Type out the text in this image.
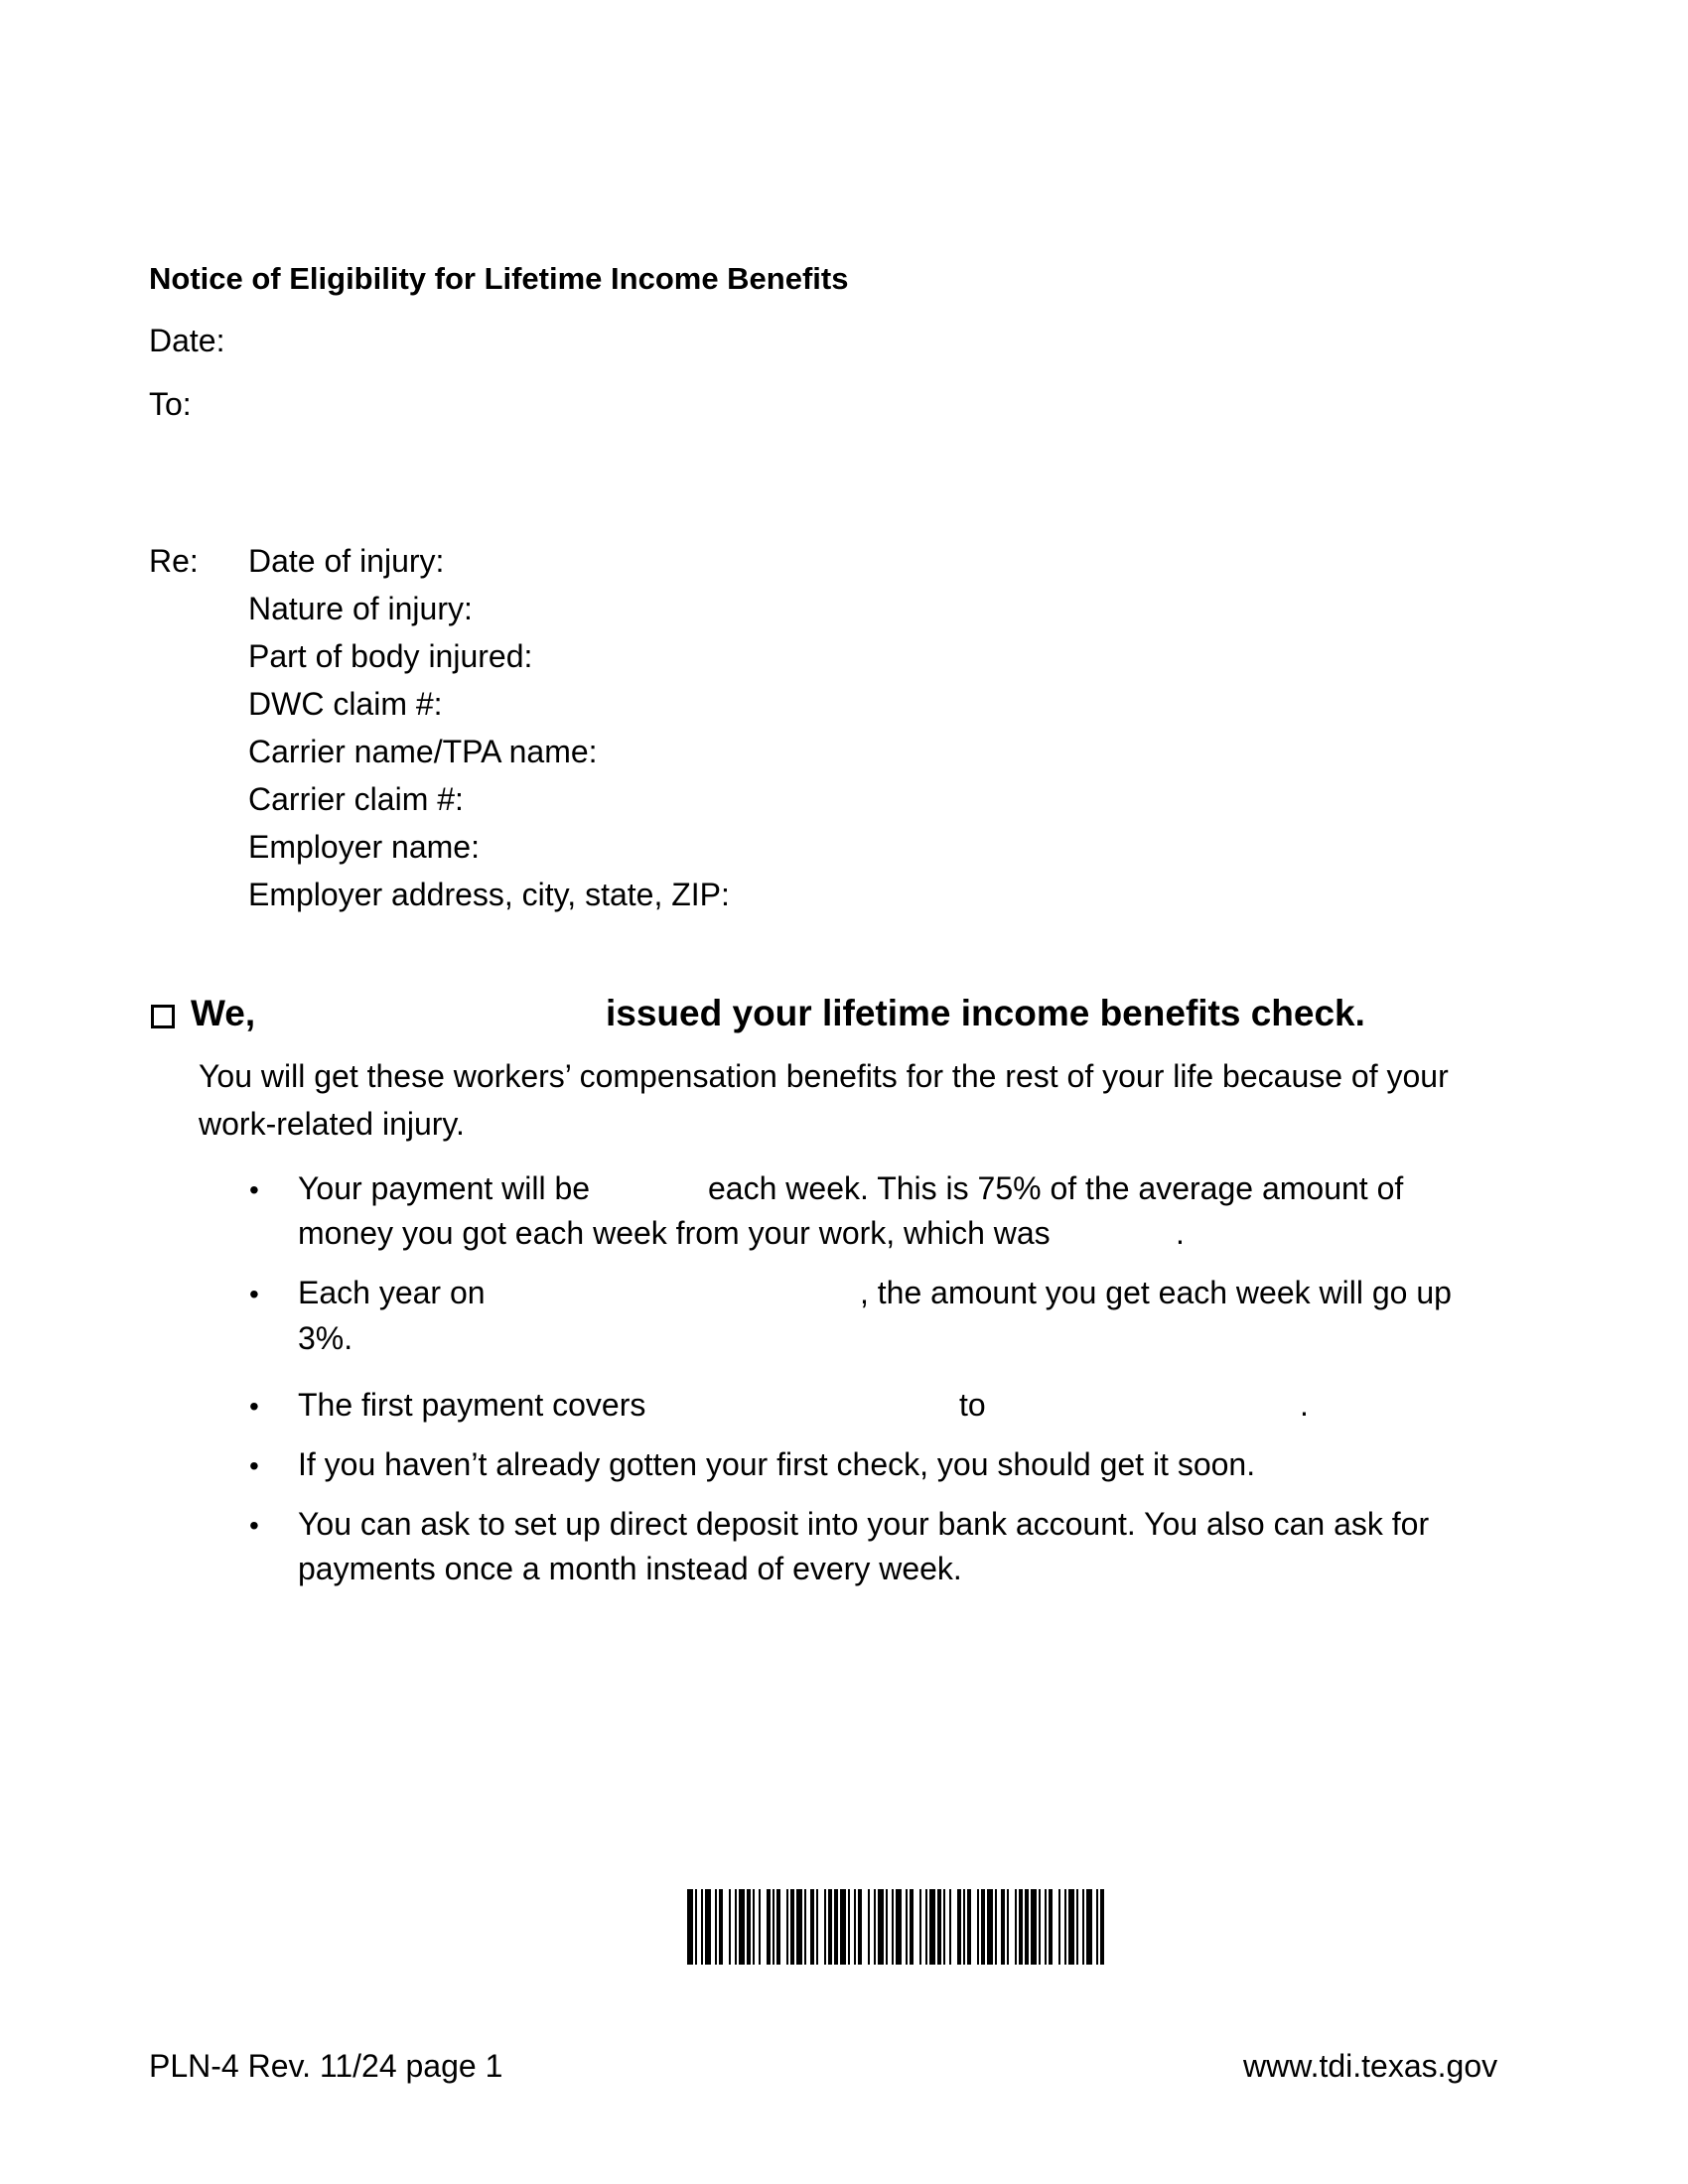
Notice of Eligibility for Lifetime Income Benefits
Date:
To:
Re: Date of injury:
Nature of injury:
Part of body injured:
DWC claim #:
Carrier name/TPA name:
Carrier claim #:
Employer name:
Employer address, city, state, ZIP:
We,	issued your lifetime income benefits check.
You will get these workers’ compensation benefits for the rest of your life because of your
work-related injury.
• Your payment will be	each week. This is 75% of the average amount of
money you got each week from your work, which was	.
• Each year on	, the amount you get each week will go up
3%.
• The first payment covers	to	.
• If you haven’t already gotten your first check, you should get it soon.
• You can ask to set up direct deposit into your bank account. You also can ask for
payments once a month instead of every week.
PLN-4 Rev. 11/24 page 1	www.tdi.texas.gov
